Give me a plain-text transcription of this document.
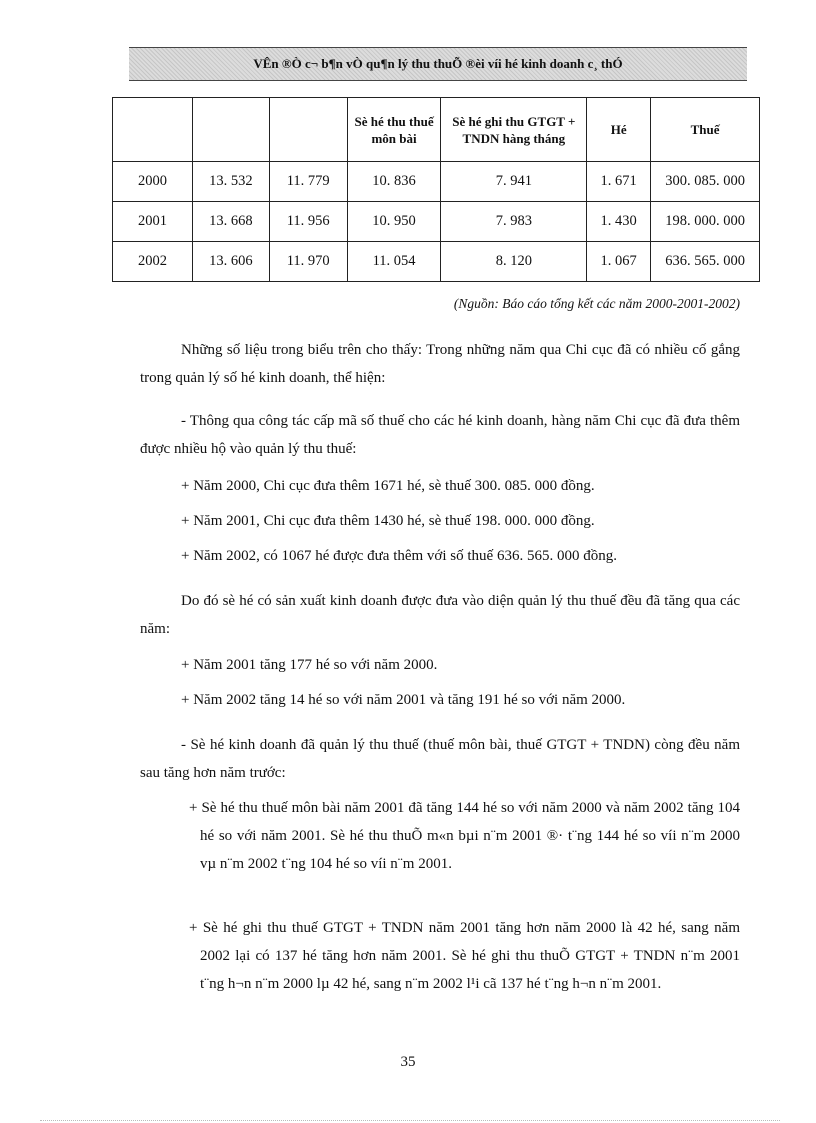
VÊn ®Ò c¬ b¶n vÒ qu¶n lý thu thuÕ ®èi víi hé kinh doanh c¸ thÓ
			Sè hé thu thuế môn bài	Sè hé ghi thu GTGT + TNDN hàng tháng	Hé	Thuế
2000	13. 532	11. 779	10. 836	7. 941	1. 671	300. 085. 000
2001	13. 668	11. 956	10. 950	7. 983	1. 430	198. 000. 000
2002	13. 606	11. 970	11. 054	8. 120	1. 067	636. 565. 000
(Nguồn: Báo cáo tổng kết các năm 2000-2001-2002)
Những số liệu trong biểu trên cho thấy: Trong những năm qua Chi cục đã có nhiều cố gắng trong quản lý số hé kinh doanh, thể hiện:
- Thông qua công tác cấp mã số thuế cho các hé kinh doanh, hàng năm Chi cục đã đưa thêm được nhiều hộ vào quản lý thu thuế:
+ Năm 2000, Chi cục đưa thêm 1671 hé, sè thuế 300. 085. 000 đồng.
+ Năm 2001, Chi cục đưa thêm 1430 hé, sè thuế 198. 000. 000 đồng.
+ Năm 2002, có 1067 hé được đưa thêm với số thuế 636. 565. 000 đồng.
Do đó sè hé có sản xuất kinh doanh được đưa vào diện quản lý thu thuế đều đã tăng qua các năm:
+ Năm 2001 tăng 177 hé so với năm 2000.
+ Năm 2002 tăng 14 hé so với năm 2001 và tăng 191 hé so với năm 2000.
- Sè hé kinh doanh đã quản lý thu thuế (thuế môn bài, thuế GTGT + TNDN) còng đều năm sau tăng hơn năm trước:
+ Sè hé thu thuế môn bài năm 2001 đã tăng 144 hé so với năm 2000 và năm 2002 tăng 104 hé so với năm 2001. Sè hé thu thuÕ m«n bµi n¨m 2001 ®· t¨ng 144 hé so víi n¨m 2000 vµ n¨m 2002 t¨ng 104 hé so víi n¨m 2001.
+ Sè hé ghi thu thuế GTGT + TNDN năm 2001 tăng hơn năm 2000 là 42 hé, sang năm 2002 lại có 137 hé tăng hơn năm 2001. Sè hé ghi thu thuÕ GTGT + TNDN n¨m 2001 t¨ng h¬n n¨m 2000 lµ 42 hé, sang n¨m 2002 l¹i cã 137 hé t¨ng h¬n n¨m 2001.
35
